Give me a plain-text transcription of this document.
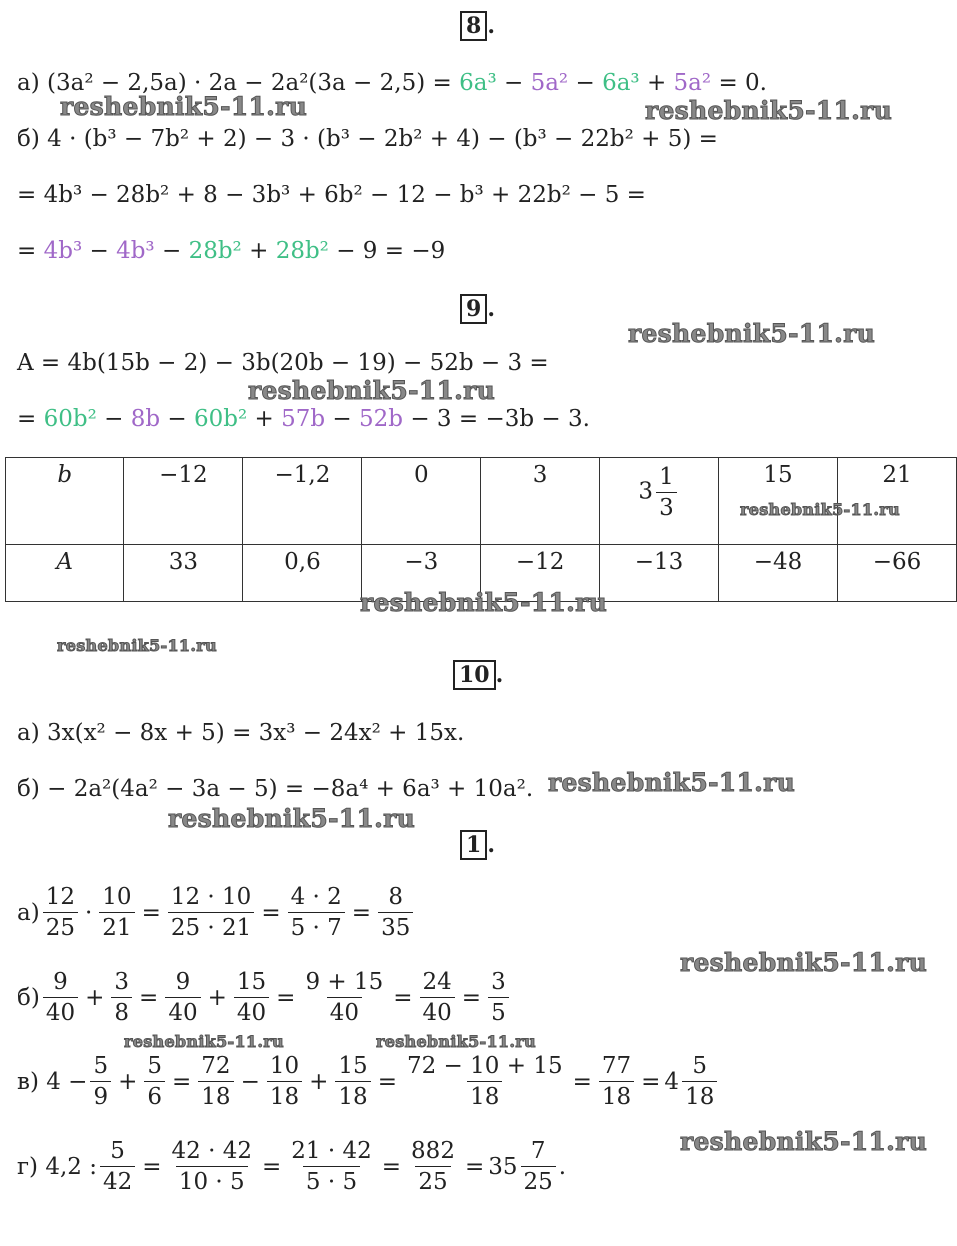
8 .
а) (3a² − 2,5a) · 2a − 2a²(3a − 2,5) = 6a³ − 5a² − 6a³ + 5a² = 0.
б) 4 · (b³ − 7b² + 2) − 3 · (b³ − 2b² + 4) − (b³ − 22b² + 5) =
= 4b³ − 28b² + 8 − 3b³ + 6b² − 12 − b³ + 22b² − 5 =
= 4b³ − 4b³ − 28b² + 28b² − 9 = −9
9 .
A = 4b(15b − 2) − 3b(20b − 19) − 52b − 3 =
= 60b² − 8b − 60b² + 57b − 52b − 3 = −3b − 3.
b	−12	−1,2	0	3	$3 \frac{1}{3}$	15	21
A	33	0,6	−3	−12	−13	−48	−66
10 .
а) 3x(x² − 8x + 5) = 3x³ − 24x² + 15x.
б) − 2a²(4a² − 3a − 5) = −8a⁴ + 6a³ + 10a².
1 .
$а) \frac{12}{25} \cdot \frac{10}{21} = \frac{12 \cdot 10}{25 \cdot 21} = \frac{4 \cdot 2}{5 \cdot 7} = \frac{8}{35}$
$б) \frac{9}{40} + \frac{3}{8} = \frac{9}{40} + \frac{15}{40} = \frac{9 + 15}{40} = \frac{24}{40} = \frac{3}{5}$
в) $4 - \frac{5}{9} + \frac{5}{6} = \frac{72}{18} - \frac{10}{18} + \frac{15}{18} = \frac{72 - 10 + 15}{18} = \frac{77}{18} = 4 \frac{5}{18}$
г) 4,2 : $\frac{5}{42} = \frac{42 \cdot 42}{10 \cdot 5} = \frac{21 \cdot 42}{5 \cdot 5} = \frac{882}{25} = 35 \frac{7}{25}$ .
reshebnik5-11.ru	reshebnik5-11.ru
reshebnik5-11.ru
reshebnik5-11.ru
reshebnik5-11.ru
reshebnik5-11.ru
reshebnik5-11.ru
reshebnik5-11.ru
reshebnik5-11.ru
reshebnik5-11.ru
reshebnik5-11.ru	reshebnik5-11.ru
reshebnik5-11.ru
